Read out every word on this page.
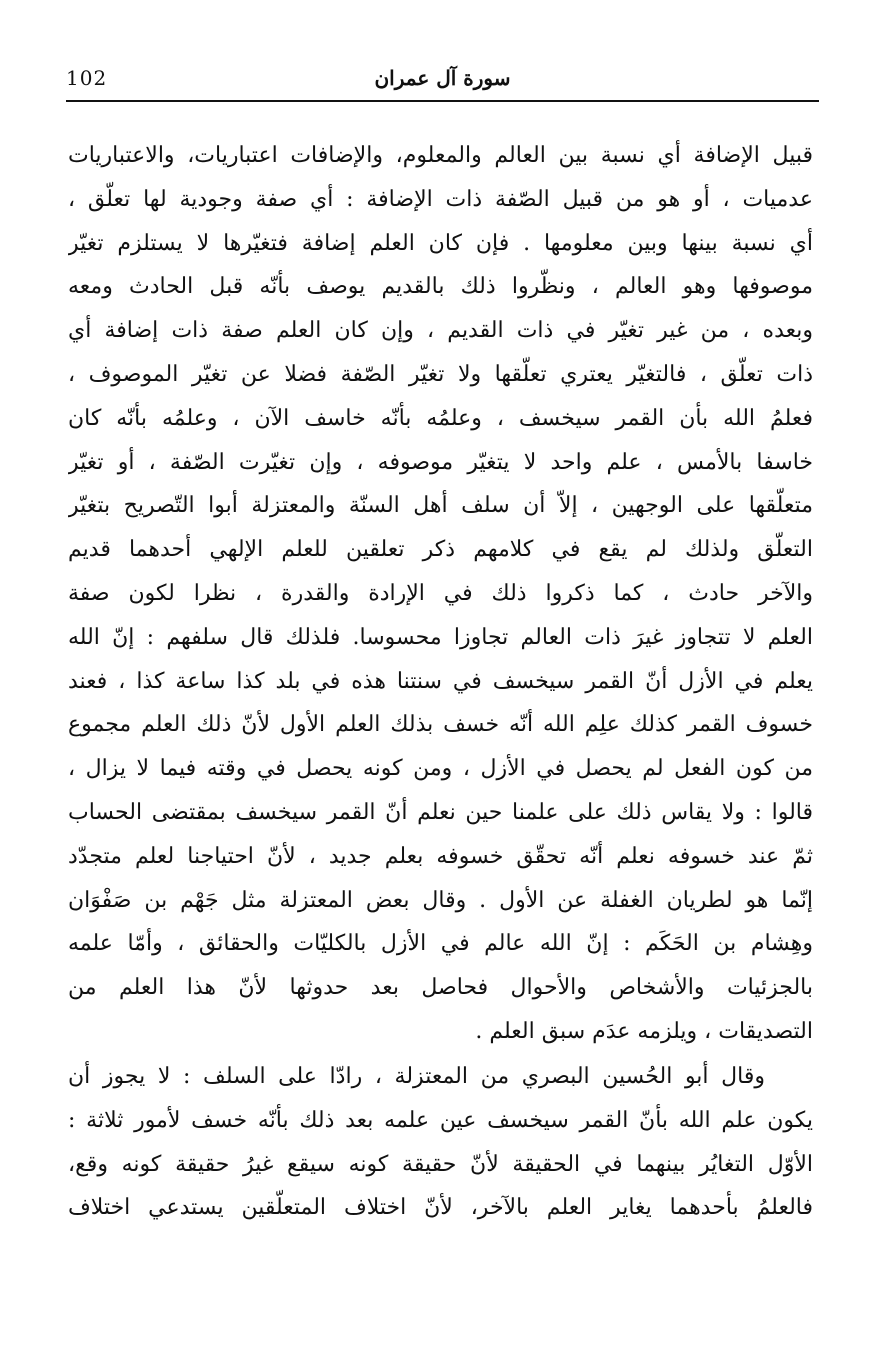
102	سورة آل عمران
قبيل الإضافة أي نسبة بين العالم والمعلوم، والإضافات اعتباريات، والاعتباريات
عدميات ، أو هو من قبيل الصّفة ذات الإضافة : أي صفة وجودية لها تعلّق ،
أي نسبة بينها وبين معلومها . فإن كان العلم إضافة فتغيّرها لا يستلزم تغيّر
موصوفها وهو العالم ، ونظّروا ذلك بالقديم يوصف بأنّه قبل الحادث ومعه
وبعده ، من غير تغيّر في ذات القديم ، وإن كان العلم صفة ذات إضافة أي
ذات تعلّق ، فالتغيّر يعتري تعلّقها ولا تغيّر الصّفة فضلا عن تغيّر الموصوف ،
فعلمُ الله بأن القمر سيخسف ، وعلمُه بأنّه خاسف الآن ، وعلمُه بأنّه كان
خاسفا بالأمس ، علم واحد لا يتغيّر موصوفه ، وإن تغيّرت الصّفة ، أو تغيّر
متعلّقها على الوجهين ، إلاّ أن سلف أهل السنّة والمعتزلة أبوا التّصريح بتغيّر
التعلّق ولذلك لم يقع في كلامهم ذكر تعلقين للعلم الإلهي أحدهما قديم
والآخر حادث ، كما ذكروا ذلك في الإرادة والقدرة ، نظرا لكون صفة
العلم لا تتجاوز غيرَ ذات العالم تجاوزا محسوسا. فلذلك قال سلفهم : إنّ الله
يعلم في الأزل أنّ القمر سيخسف في سنتنا هذه في بلد كذا ساعة كذا ، فعند
خسوف القمر كذلك علِم الله أنّه خسف بذلك العلم الأول لأنّ ذلك العلم مجموع
من كون الفعل لم يحصل في الأزل ، ومن كونه يحصل في وقته فيما لا يزال ،
قالوا : ولا يقاس ذلك على علمنا حين نعلم أنّ القمر سيخسف بمقتضى الحساب
ثمّ عند خسوفه نعلم أنّه تحقّق خسوفه بعلم جديد ، لأنّ احتياجنا لعلم متجدّد
إنّما هو لطريان الغفلة عن الأول . وقال بعض المعتزلة مثل جَهْم بن صَفْوَان
وهِشام بن الحَكَم : إنّ الله عالم في الأزل بالكليّات والحقائق ، وأمّا علمه
بالجزئيات والأشخاص والأحوال فحاصل بعد حدوثها لأنّ هذا العلم من
التصديقات ، ويلزمه عدَم سبق العلم .
وقال أبو الحُسين البصري من المعتزلة ، رادّا على السلف : لا يجوز أن
يكون علم الله بأنّ القمر سيخسف عين علمه بعد ذلك بأنّه خسف لأمور ثلاثة :
الأوّل التغايُر بينهما في الحقيقة لأنّ حقيقة كونه سيقع غيرُ حقيقة كونه وقع،
فالعلمُ بأحدهما يغاير العلم بالآخر، لأنّ اختلاف المتعلّقين يستدعي اختلاف
